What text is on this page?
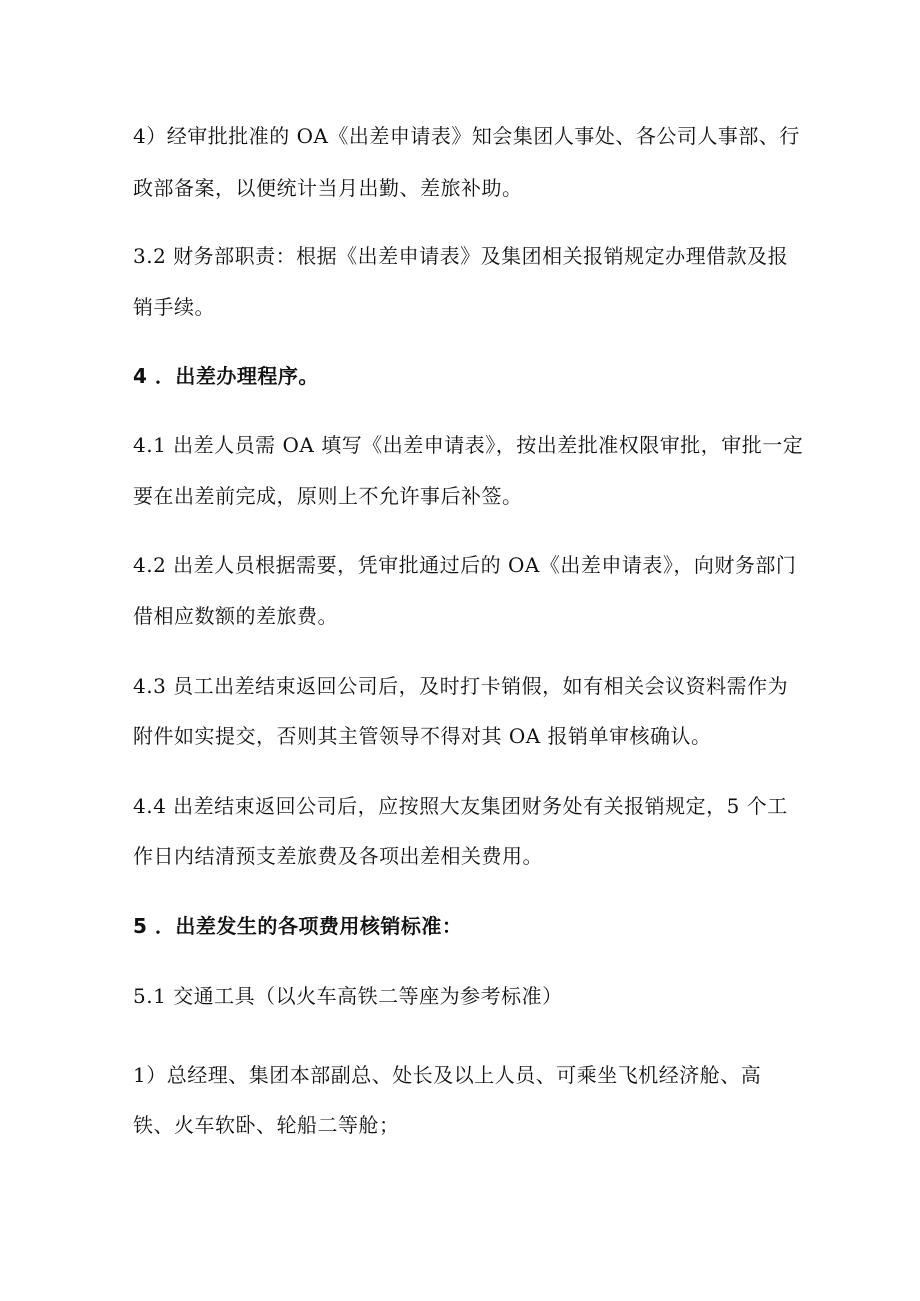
4）经审批批准的 OA《出差申请表》知会集团人事处、各公司人事部、行
政部备案，以便统计当月出勤、差旅补助。
3.2 财务部职责：根据《出差申请表》及集团相关报销规定办理借款及报
销手续。
4 ．出差办理程序。
4.1 出差人员需 OA 填写《出差申请表》，按出差批准权限审批，审批一定
要在出差前完成，原则上不允许事后补签。
4.2 出差人员根据需要，凭审批通过后的 OA《出差申请表》，向财务部门
借相应数额的差旅费。
4.3 员工出差结束返回公司后，及时打卡销假，如有相关会议资料需作为
附件如实提交，否则其主管领导不得对其 OA 报销单审核确认。
4.4 出差结束返回公司后，应按照大友集团财务处有关报销规定，5 个工
作日内结清预支差旅费及各项出差相关费用。
5 ．出差发生的各项费用核销标准：
5.1 交通工具（以火车高铁二等座为参考标准）
1）总经理、集团本部副总、处长及以上人员、可乘坐飞机经济舱、高
铁、火车软卧、轮船二等舱；
